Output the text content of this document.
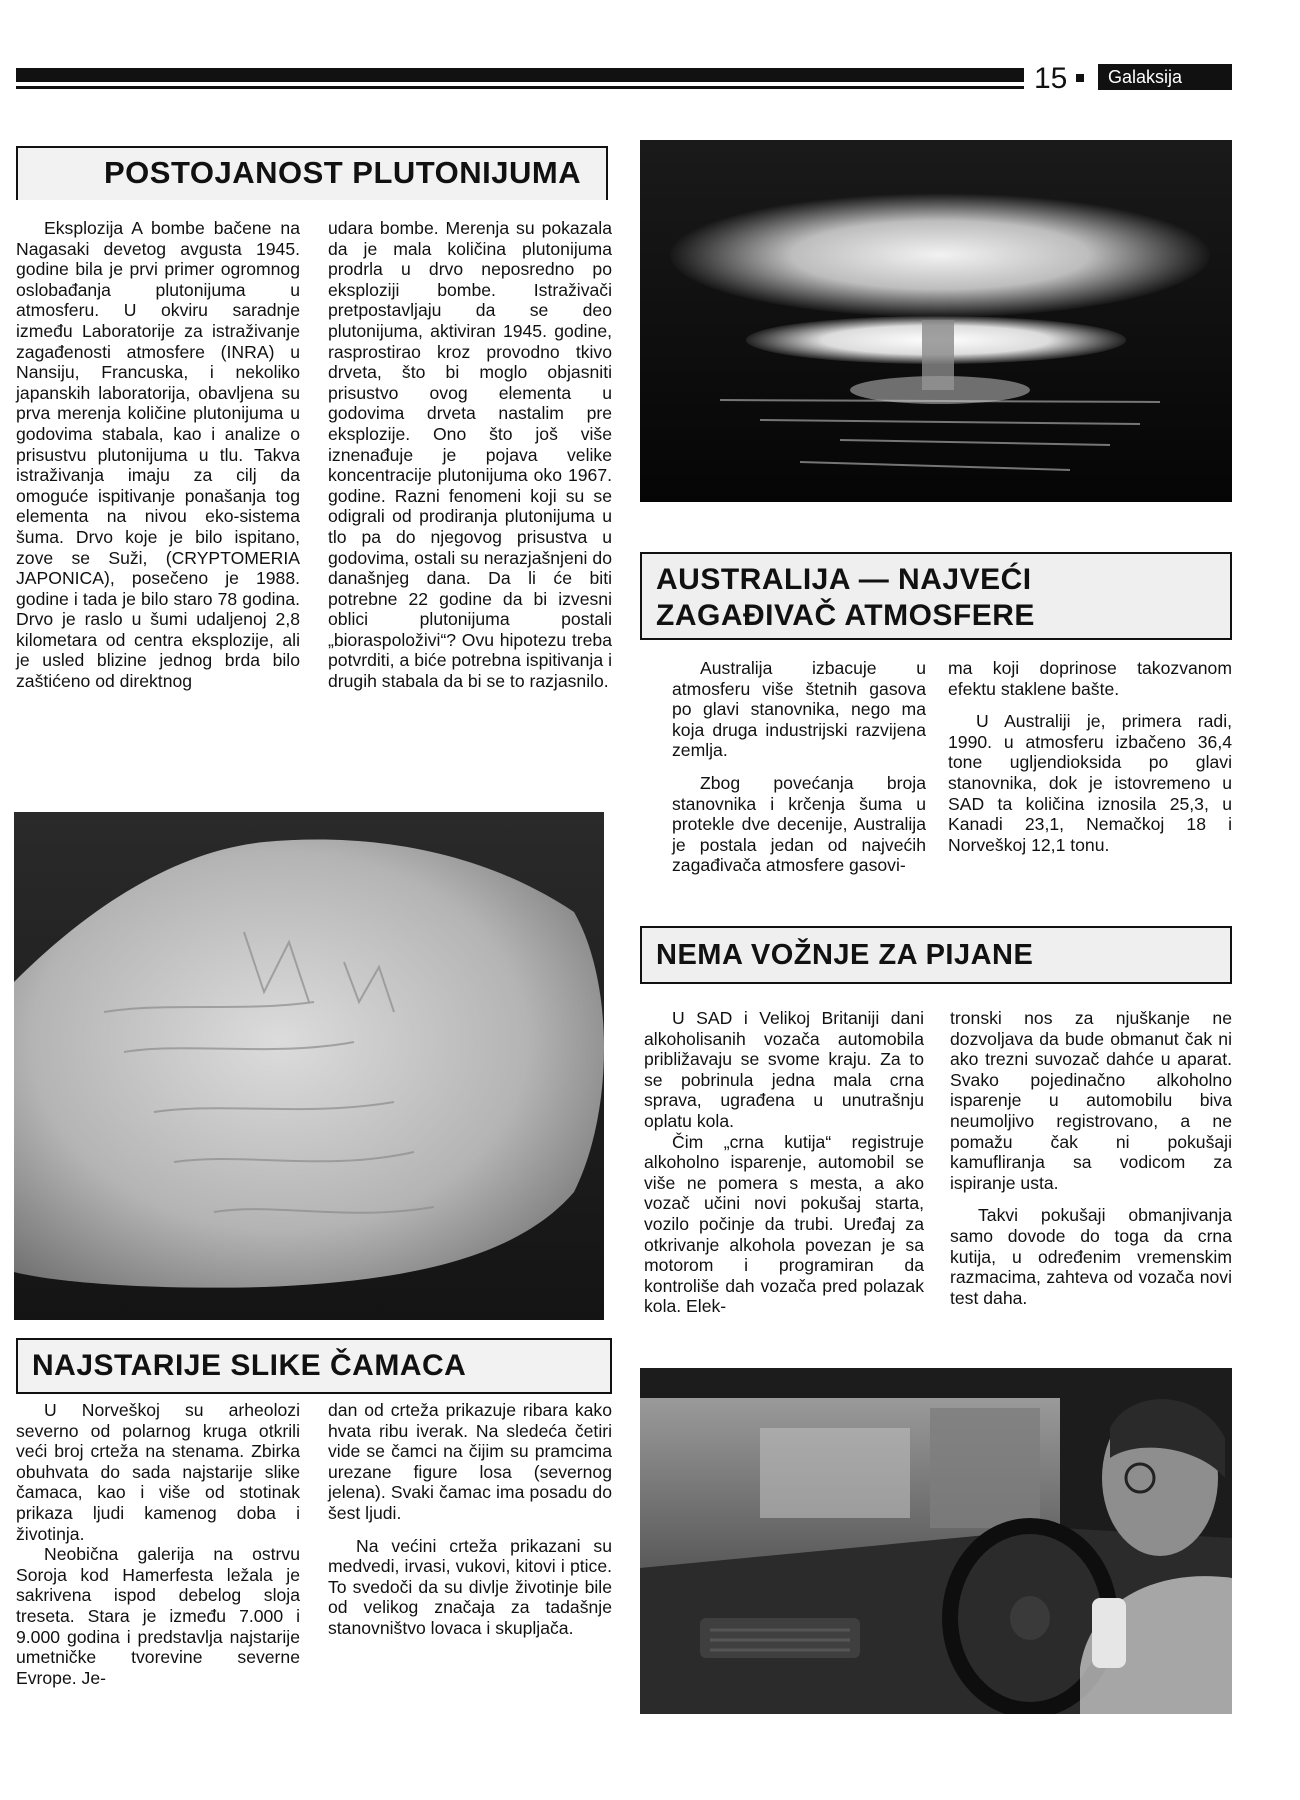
15	Galaksija
POSTOJANOST PLUTONIJUMA

Eksplozija A bombe bačene na Nagasaki devetog avgusta 1945. godine bila je prvi primer ogromnog oslobađanja plutonijuma u atmosferu. U okviru saradnje između Laboratorije za istraživanje zagađenosti atmosfere (INRA) u Nansiju, Francuska, i nekoliko japanskih laboratorija, obavljena su prva merenja količine plutonijuma u godovima stabala, kao i analize o prisustvu plutonijuma u tlu. Takva istraživanja imaju za cilj da omoguće ispitivanje ponašanja tog elementa na nivou eko-sistema šuma. Drvo koje je bilo ispitano, zove se Suži, (CRYPTOMERIA JAPONICA), posečeno je 1988. godine i tada je bilo staro 78 godina. Drvo je raslo u šumi udaljenoj 2,8 kilometara od centra eksplozije, ali je usled blizine jednog brda bilo zaštićeno od direktnog

udara bombe. Merenja su pokazala da je mala količina plutonijuma prodrla u drvo neposredno po eksploziji bombe. Istraživači pretpostavljaju da se deo plutonijuma, aktiviran 1945. godine, rasprostirao kroz provodno tkivo drveta, što bi moglo objasniti prisustvo ovog elementa u godovima drveta nastalim pre eksplozije. Ono što još više iznenađuje je pojava velike koncentracije plutonijuma oko 1967. godine. Razni fenomeni koji su se odigrali od prodiranja plutonijuma u tlo pa do njegovog prisustva u godovima, ostali su nerazjašnjeni do današnjeg dana. Da li će biti potrebne 22 godine da bi izvesni oblici plutonijuma postali „bioraspoloživi“? Ovu hipotezu treba potvrditi, a biće potrebna ispitivanja i drugih stabala da bi se to razjasnilo.

AUSTRALIJA — NAJVEĆI
ZAGAĐIVAČ ATMOSFERE

Australija izbacuje u atmosferu više štetnih gasova po glavi stanovnika, nego ma koja druga industrijski razvijena zemlja.

Zbog povećanja broja stanovnika i krčenja šuma u protekle dve decenije, Australija je postala jedan od najvećih zagađivača atmosfere gasovi-

ma koji doprinose takozvanom efektu staklene bašte.

U Australiji je, primera radi, 1990. u atmosferu izbačeno 36,4 tone ugljendioksida po glavi stanovnika, dok je istovremeno u SAD ta količina iznosila 25,3, u Kanadi 23,1, Nemačkoj 18 i Norveškoj 12,1 tonu.

NEMA VOŽNJE ZA PIJANE

U SAD i Velikoj Britaniji dani alkoholisanih vozača automobila približavaju se svome kraju. Za to se pobrinula jedna mala crna sprava, ugrađena u unutrašnju oplatu kola.

Čim „crna kutija“ registruje alkoholno isparenje, automobil se više ne pomera s mesta, a ako vozač učini novi pokušaj starta, vozilo počinje da trubi. Uređaj za otkrivanje alkohola povezan je sa motorom i programiran da kontroliše dah vozača pred polazak kola. Elek-

tronski nos za njuškanje ne dozvoljava da bude obmanut čak ni ako trezni suvozač dahće u aparat. Svako pojedinačno alkoholno isparenje u automobilu biva neumoljivo registrovano, a ne pomažu čak ni pokušaji kamufliranja sa vodicom za ispiranje usta.

Takvi pokušaji obmanjivanja samo dovode do toga da crna kutija, u određenim vremenskim razmacima, zahteva od vozača novi test daha.

NAJSTARIJE SLIKE ČAMACA

U Norveškoj su arheolozi severno od polarnog kruga otkrili veći broj crteža na stenama. Zbirka obuhvata do sada najstarije slike čamaca, kao i više od stotinak prikaza ljudi kamenog doba i životinja.

Neobična galerija na ostrvu Soroja kod Hamerfesta ležala je sakrivena ispod debelog sloja treseta. Stara je između 7.000 i 9.000 godina i predstavlja najstarije umetničke tvorevine severne Evrope. Je-

dan od crteža prikazuje ribara kako hvata ribu iverak. Na sledeća četiri vide se čamci na čijim su pramcima urezane figure losa (severnog jelena). Svaki čamac ima posadu do šest ljudi.

Na većini crteža prikazani su medvedi, irvasi, vukovi, kitovi i ptice. To svedoči da su divlje životinje bile od velikog značaja za tadašnje stanovništvo lovaca i skupljača.
